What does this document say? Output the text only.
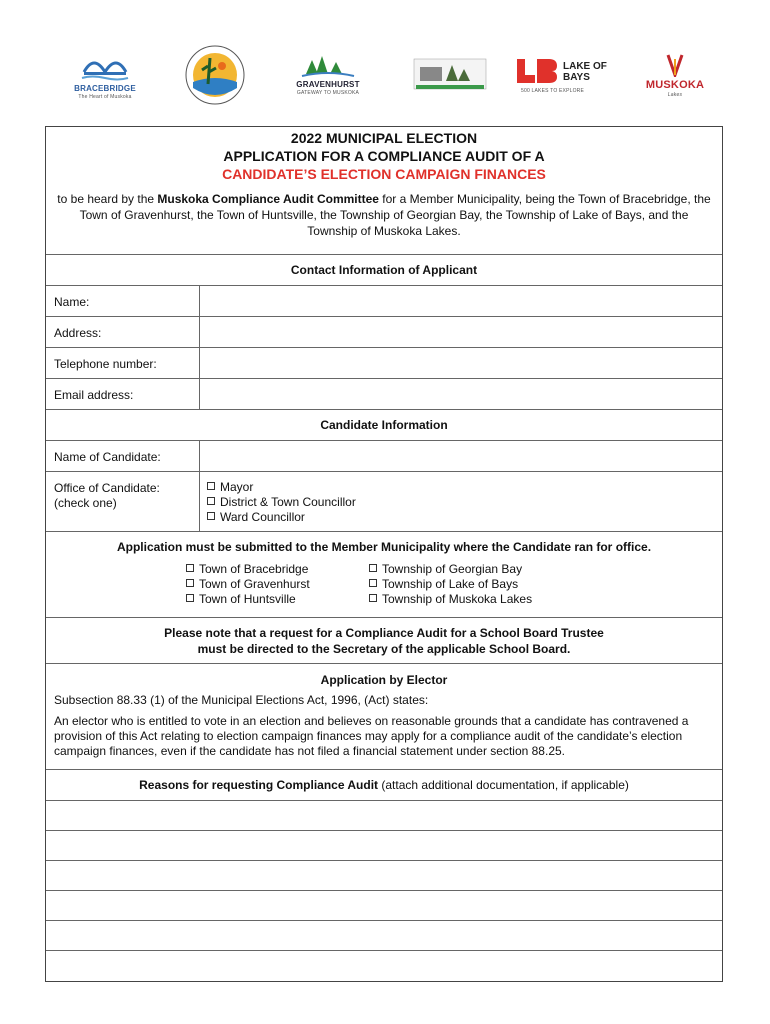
BRACEBRIDGE
The Heart of Muskoka
GRAVENHURST
GATEWAY TO MUSKOKA
LAKE OF BAYS
500 LAKES TO EXPLORE	MUSKOKA
Lakes
2022 MUNICIPAL ELECTION
APPLICATION FOR A COMPLIANCE AUDIT OF A
CANDIDATE’S ELECTION CAMPAIGN FINANCES
to be heard by the Muskoka Compliance Audit Committee for a Member Municipality, being the Town of Bracebridge, the Town of Gravenhurst, the Town of Huntsville, the Township of Georgian Bay, the Township of Lake of Bays, and the Township of Muskoka Lakes.
Contact Information of Applicant
Name:
Address:
Telephone number:
Email address:
Candidate Information
Name of Candidate:
Office of Candidate:
(check one)
Mayor
District & Town Councillor
Ward Councillor
Application must be submitted to the Member Municipality where the Candidate ran for office.
Town of Bracebridge
Town of Gravenhurst
Town of Huntsville
Township of Georgian Bay
Township of Lake of Bays
Township of Muskoka Lakes
Please note that a request for a Compliance Audit for a School Board Trustee
must be directed to the Secretary of the applicable School Board.
Application by Elector
Subsection 88.33 (1) of the Municipal Elections Act, 1996, (Act) states:
An elector who is entitled to vote in an election and believes on reasonable grounds that a candidate has contravened a provision of this Act relating to election campaign finances may apply for a compliance audit of the candidate’s election campaign finances, even if the candidate has not filed a financial statement under section 88.25.
Reasons for requesting Compliance Audit (attach additional documentation, if applicable)
